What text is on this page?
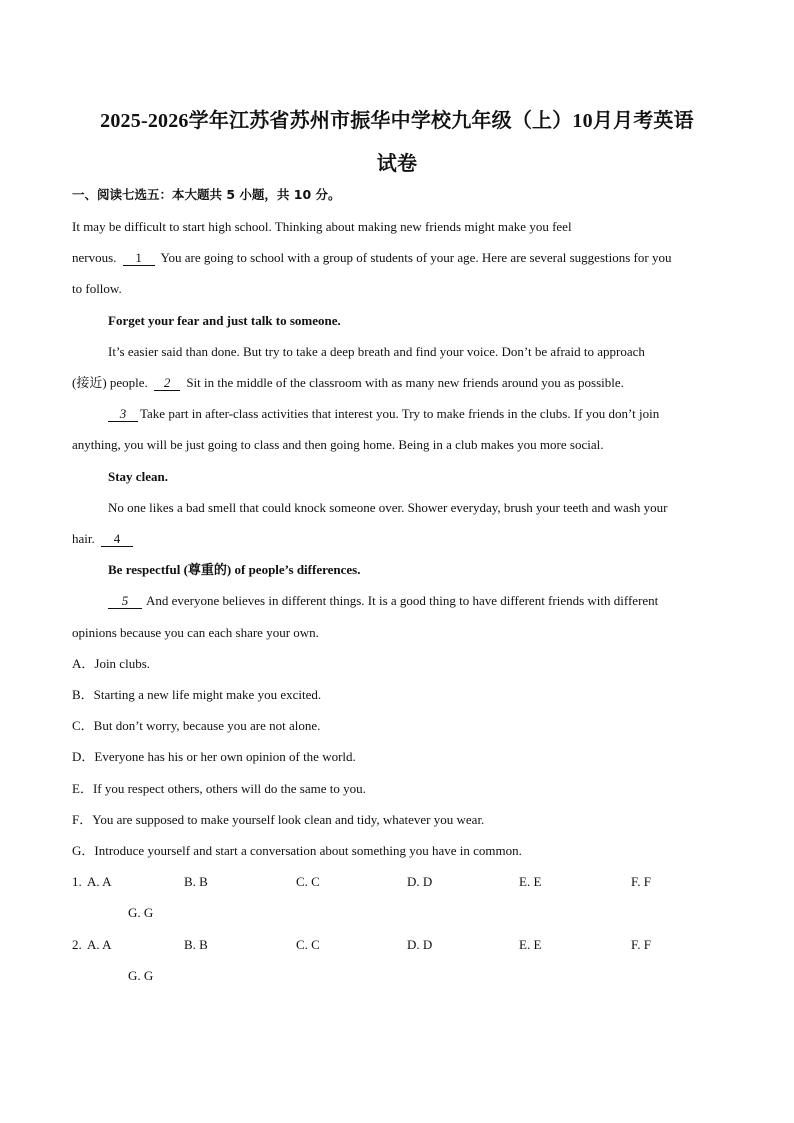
2025-2026学年江苏省苏州市振华中学校九年级（上）10月月考英语
试卷
一、阅读七选五：本大题共 5 小题，共 10 分。
It may be difficult to start high school. Thinking about making new friends might make you feel
nervous. 1 You are going to school with a group of students of your age. Here are several suggestions for you
to follow.
Forget your fear and just talk to someone.
It’s easier said than done. But try to take a deep breath and find your voice. Don’t be afraid to approach
(接近) people. 2 Sit in the middle of the classroom with as many new friends around you as possible.
3 Take part in after-class activities that interest you. Try to make friends in the clubs. If you don’t join
anything, you will be just going to class and then going home. Being in a club makes you more social.
Stay clean.
No one likes a bad smell that could knock someone over. Shower everyday, brush your teeth and wash your
hair. 4
Be respectful (尊重的) of people’s differences.
5 And everyone believes in different things. It is a good thing to have different friends with different
opinions because you can each share your own.
A．Join clubs.
B．Starting a new life might make you excited.
C．But don’t worry, because you are not alone.
D．Everyone has his or her own opinion of the world.
E．If you respect others, others will do the same to you.
F．You are supposed to make yourself look clean and tidy, whatever you wear.
G．Introduce yourself and start a conversation about something you have in common.
1. A. A	B. B	C. C	D. D	E. E	F. F
G. G
2. A. A	B. B	C. C	D. D	E. E	F. F
G. G
